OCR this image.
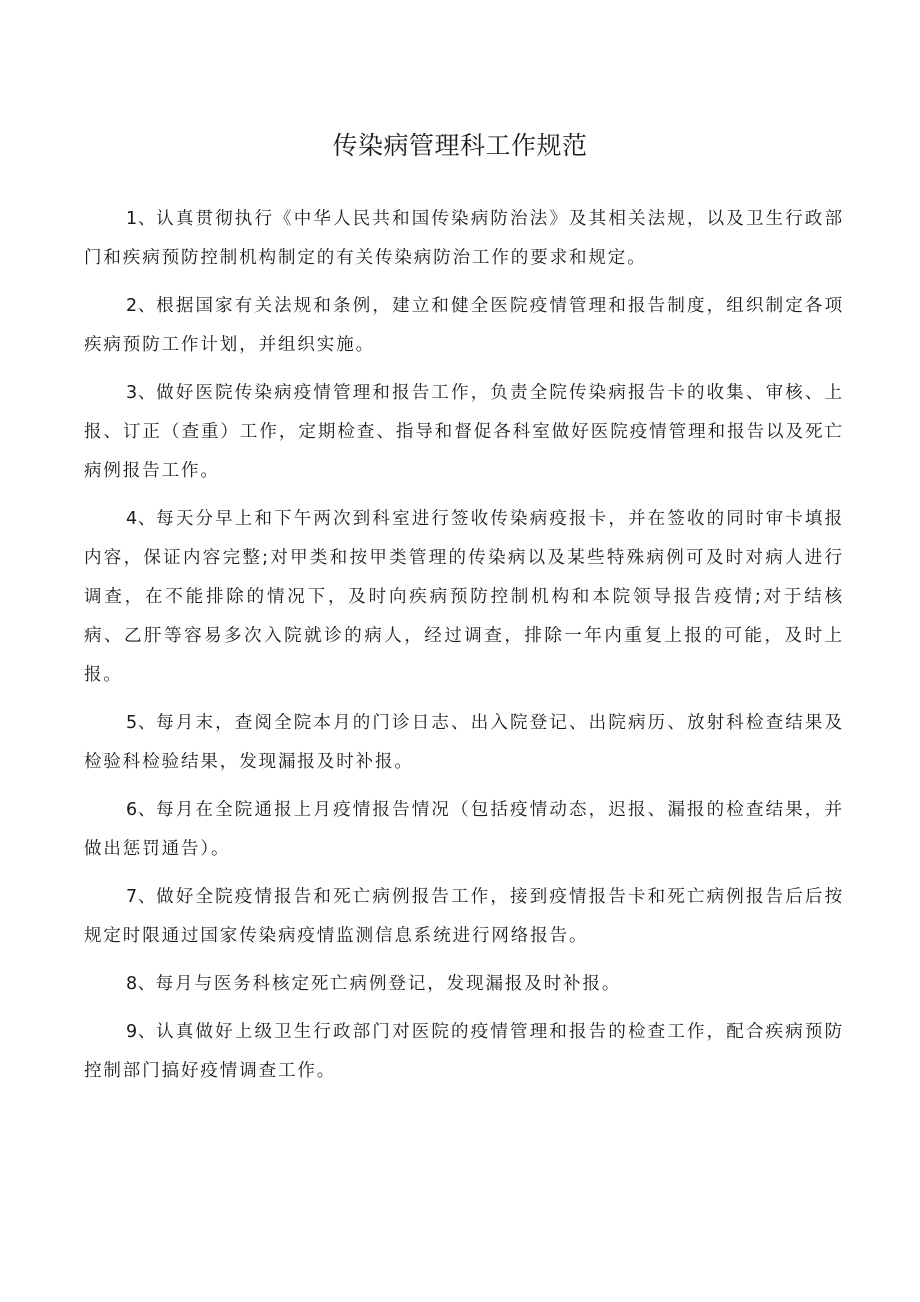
传染病管理科工作规范

1、认真贯彻执行《中华人民共和国传染病防治法》及其相关法规，以及卫生行政部门和疾病预防控制机构制定的有关传染病防治工作的要求和规定。

2、根据国家有关法规和条例，建立和健全医院疫情管理和报告制度，组织制定各项疾病预防工作计划，并组织实施。

3、做好医院传染病疫情管理和报告工作，负责全院传染病报告卡的收集、审核、上报、订正（查重）工作，定期检查、指导和督促各科室做好医院疫情管理和报告以及死亡病例报告工作。

4、每天分早上和下午两次到科室进行签收传染病疫报卡，并在签收的同时审卡填报内容，保证内容完整;对甲类和按甲类管理的传染病以及某些特殊病例可及时对病人进行调查，在不能排除的情况下，及时向疾病预防控制机构和本院领导报告疫情;对于结核病、乙肝等容易多次入院就诊的病人，经过调查，排除一年内重复上报的可能，及时上报。

5、每月末，查阅全院本月的门诊日志、出入院登记、出院病历、放射科检查结果及检验科检验结果，发现漏报及时补报。

6、每月在全院通报上月疫情报告情况（包括疫情动态，迟报、漏报的检查结果，并做出惩罚通告）。

7、做好全院疫情报告和死亡病例报告工作，接到疫情报告卡和死亡病例报告后后按规定时限通过国家传染病疫情监测信息系统进行网络报告。

8、每月与医务科核定死亡病例登记，发现漏报及时补报。

9、认真做好上级卫生行政部门对医院的疫情管理和报告的检查工作，配合疾病预防控制部门搞好疫情调查工作。
